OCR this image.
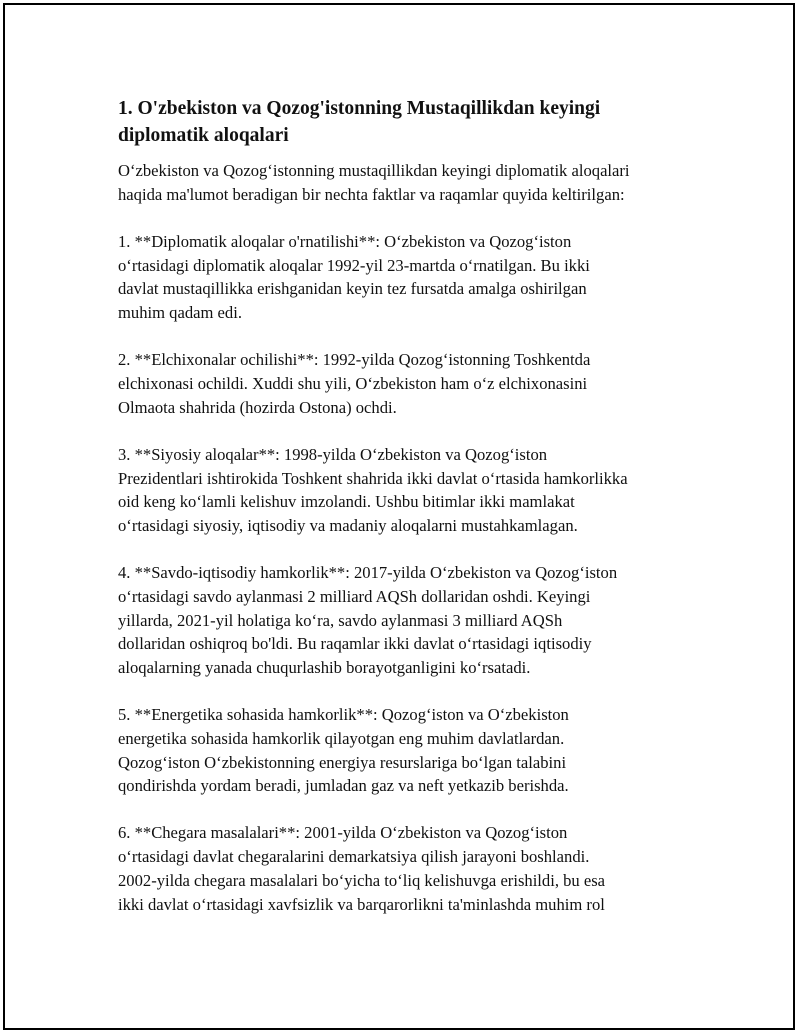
1. O'zbekiston va Qozog'istonning Mustaqillikdan keyingi
diplomatik aloqalari

O‘zbekiston va Qozog‘istonning mustaqillikdan keyingi diplomatik aloqalari
haqida ma'lumot beradigan bir nechta faktlar va raqamlar quyida keltirilgan:

1. **Diplomatik aloqalar o'rnatilishi**: O‘zbekiston va Qozog‘iston
o‘rtasidagi diplomatik aloqalar 1992-yil 23-martda o‘rnatilgan. Bu ikki
davlat mustaqillikka erishganidan keyin tez fursatda amalga oshirilgan
muhim qadam edi.

2. **Elchixonalar ochilishi**: 1992-yilda Qozog‘istonning Toshkentda
elchixonasi ochildi. Xuddi shu yili, O‘zbekiston ham o‘z elchixonasini
Olmaota shahrida (hozirda Ostona) ochdi.

3. **Siyosiy aloqalar**: 1998-yilda O‘zbekiston va Qozog‘iston
Prezidentlari ishtirokida Toshkent shahrida ikki davlat o‘rtasida hamkorlikka
oid keng ko‘lamli kelishuv imzolandi. Ushbu bitimlar ikki mamlakat
o‘rtasidagi siyosiy, iqtisodiy va madaniy aloqalarni mustahkamlagan.

4. **Savdo-iqtisodiy hamkorlik**: 2017-yilda O‘zbekiston va Qozog‘iston
o‘rtasidagi savdo aylanmasi 2 milliard AQSh dollaridan oshdi. Keyingi
yillarda, 2021-yil holatiga ko‘ra, savdo aylanmasi 3 milliard AQSh
dollaridan oshiqroq bo'ldi. Bu raqamlar ikki davlat o‘rtasidagi iqtisodiy
aloqalarning yanada chuqurlashib borayotganligini ko‘rsatadi.

5. **Energetika sohasida hamkorlik**: Qozog‘iston va O‘zbekiston
energetika sohasida hamkorlik qilayotgan eng muhim davlatlardan.
Qozog‘iston O‘zbekistonning energiya resurslariga bo‘lgan talabini
qondirishda yordam beradi, jumladan gaz va neft yetkazib berishda.

6. **Chegara masalalari**: 2001-yilda O‘zbekiston va Qozog‘iston
o‘rtasidagi davlat chegaralarini demarkatsiya qilish jarayoni boshlandi.
2002-yilda chegara masalalari bo‘yicha to‘liq kelishuvga erishildi, bu esa
ikki davlat o‘rtasidagi xavfsizlik va barqarorlikni ta'minlashda muhim rol
